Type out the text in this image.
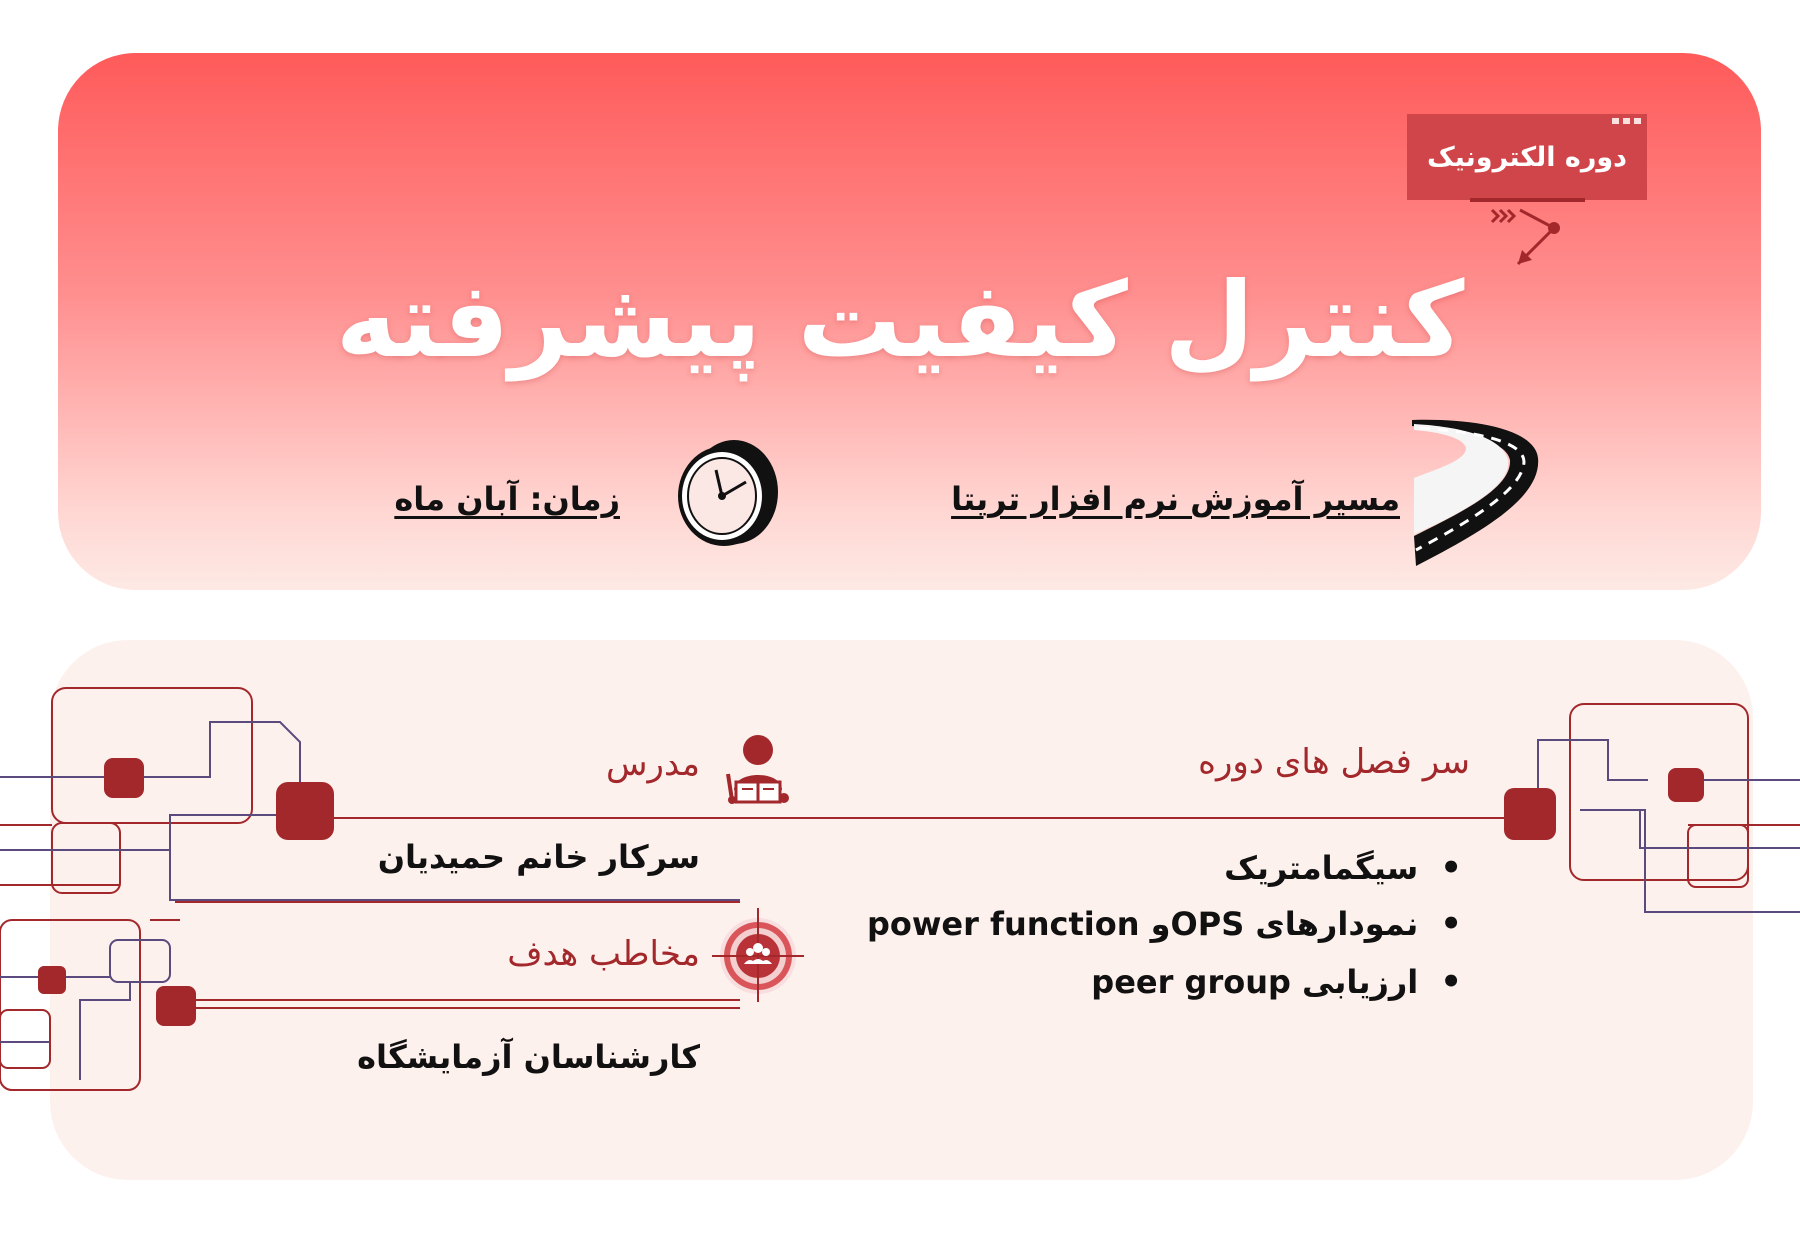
دوره الکترونیک
کنترل کیفیت پیشرفته
مسیر آموزش نرم افزار تریتا
زمان: آبان ماه
سر فصل های دوره
• سیگمامتریک
• نمودارهای OPSو power function
• ارزیابی peer group
مدرس
سرکار خانم حمیدیان
مخاطب هدف
کارشناسان آزمایشگاه
